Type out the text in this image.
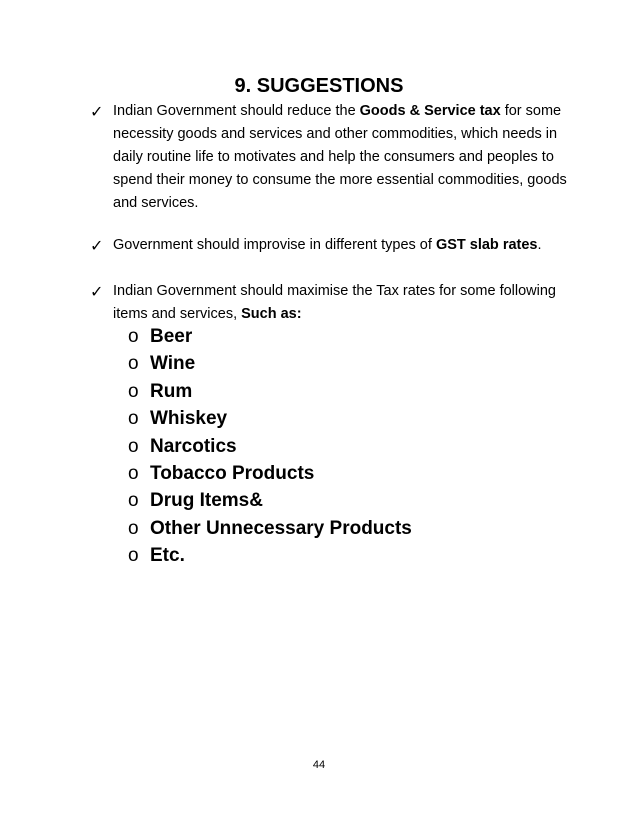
9. SUGGESTIONS
✓ Indian Government should reduce the Goods & Service tax for some necessity goods and services and other commodities, which needs in daily routine life to motivates and help the consumers and peoples to spend their money to consume the more essential commodities, goods and services.
✓ Government should improvise in different types of GST slab rates.
✓ Indian Government should maximise the Tax rates for some following items and services, Such as:
o Beer
o Wine
o Rum
o Whiskey
o Narcotics
o Tobacco Products
o Drug Items&
o Other Unnecessary Products
o Etc.
44
